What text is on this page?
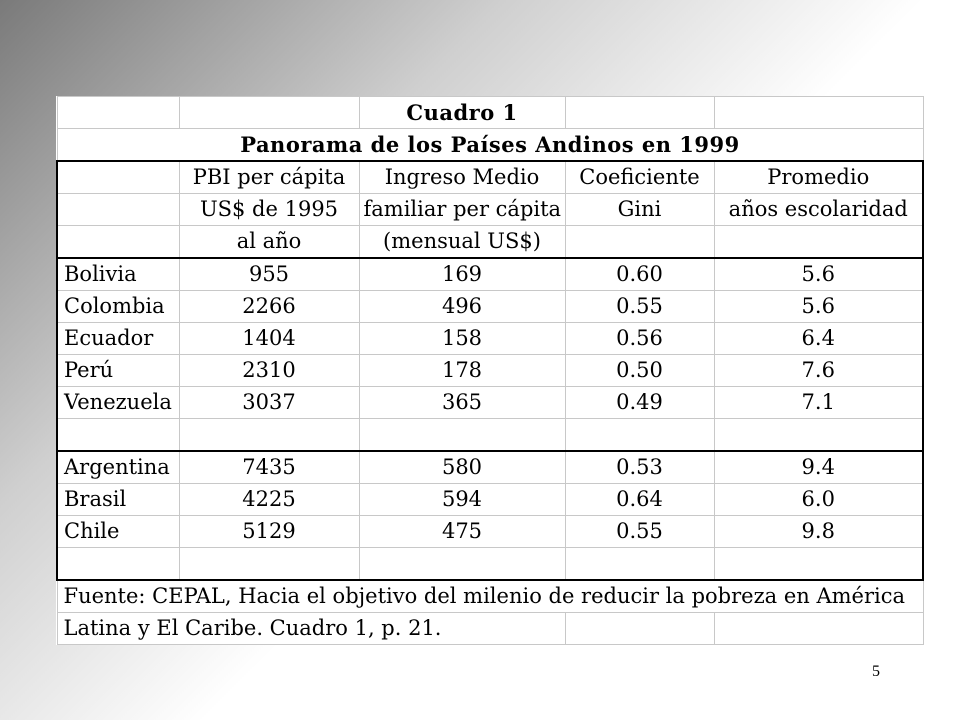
		Cuadro 1		
Panorama de los Países Andinos en 1999				
	PBI per cápita	Ingreso Medio	Coeficiente	Promedio
	US$ de 1995	familiar per cápita	Gini	años escolaridad
	al año	(mensual US$)		
Bolivia	955	169	0.60	5.6
Colombia	2266	496	0.55	5.6
Ecuador	1404	158	0.56	6.4
Perú	2310	178	0.50	7.6
Venezuela	3037	365	0.49	7.1

Argentina	7435	580	0.53	9.4
Brasil	4225	594	0.64	6.0
Chile	5129	475	0.55	9.8

Fuente: CEPAL, Hacia el objetivo del milenio de reducir la pobreza en América				
Latina y El Caribe. Cuadro 1, p. 21.				
5
